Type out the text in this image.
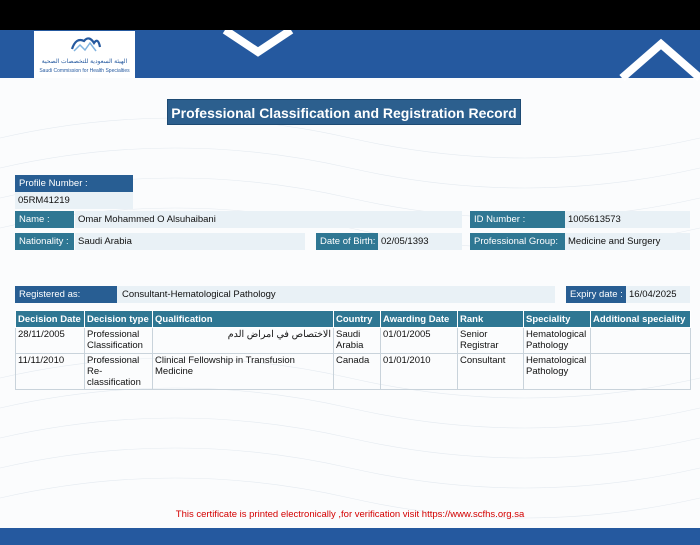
الهيئة السعودية للتخصصات الصحية
Saudi Commission for Health Specialties
Professional Classification and Registration Record
Profile Number :
05RM41219
Name :	Omar Mohammed O Alsuhaibani	ID Number :	1005613573
Nationality : Saudi Arabia	Date of Birth: 02/05/1393	Professional Group:	Medicine and Surgery
Registered as:	Consultant-Hematological Pathology	Expiry date : 16/04/2025
Decision Date	Decision type	Qualification	Country	Awarding Date	Rank	Speciality	Additional speciality
28/11/2005	Professional Classification	الاختصاص في امراض الدم	Saudi Arabia	01/01/2005	Senior Registrar	Hematological Pathology	
11/11/2010	Professional Re-classification	Clinical Fellowship in Transfusion Medicine	Canada	01/01/2010	Consultant	Hematological Pathology	
This certificate is printed electronically ,for verification visit https://www.scfhs.org.sa
